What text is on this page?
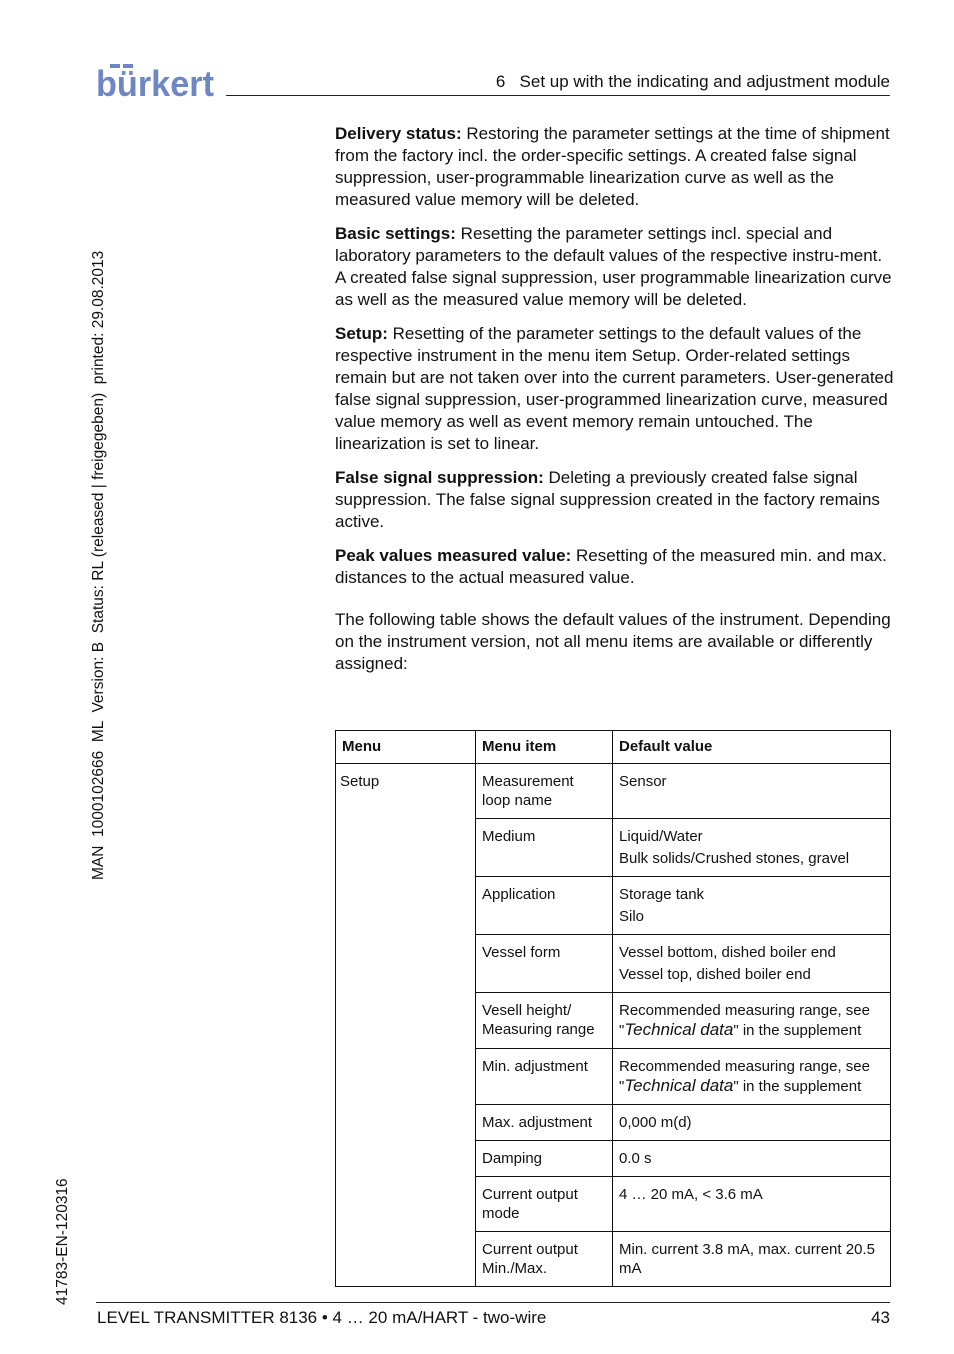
bürkert	6   Set up with the indicating and adjustment module
MAN  1000102666  ML  Version: B  Status: RL (released | freigegeben)  printed: 29.08.2013
41783-EN-120316

Delivery status: Restoring the parameter settings at the time of shipment from the factory incl. the order-specific settings. A created false signal suppression, user-programmable linearization curve as well as the measured value memory will be deleted.

Basic settings: Resetting the parameter settings incl. special and laboratory parameters to the default values of the respective instru-ment. A created false signal suppression, user programmable linearization curve as well as the measured value memory will be deleted.

Setup: Resetting of the parameter settings to the default values of the respective instrument in the menu item Setup. Order-related settings remain but are not taken over into the current parameters. User-generated false signal suppression, user-programmed linearization curve, measured value memory as well as event memory remain untouched. The linearization is set to linear.

False signal suppression: Deleting a previously created false signal suppression. The false signal suppression created in the factory remains active.

Peak values measured value: Resetting of the measured min. and max. distances to the actual measured value.

The following table shows the default values of the instrument. Depending on the instrument version, not all menu items are available or differently assigned:

Menu	Menu item	Default value
Setup	Measurement loop name	Sensor

	Medium	Liquid/Water
Bulk solids/Crushed stones, gravel

	Application	Storage tank
Silo

	Vessel form	Vessel bottom, dished boiler end
Vessel top, dished boiler end

	Vesell height/ Measuring range	Recommended measuring range, see "Technical data" in the supplement
	Min. adjustment	Recommended measuring range, see "Technical data" in the supplement
	Max. adjustment	0,000 m(d)

	Damping	0.0 s

	Current output mode	4 … 20 mA, < 3.6 mA

	Current output Min./Max.	Min. current 3.8 mA, max. current 20.5 mA
LEVEL TRANSMITTER 8136 • 4 … 20 mA/HART - two-wire	43
